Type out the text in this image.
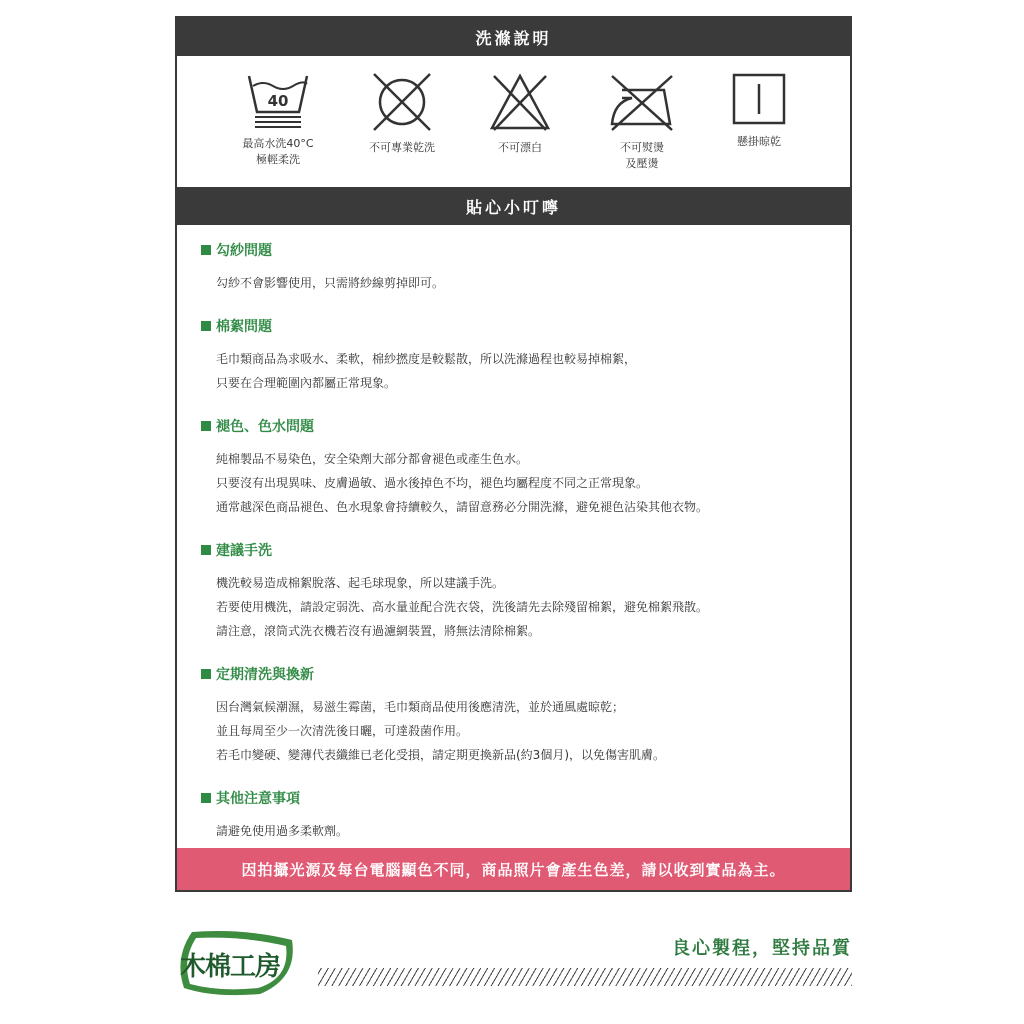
洗滌說明
40
最高水洗40°C
極輕柔洗
不可專業乾洗	不可漂白	不可熨燙
及壓燙
懸掛晾乾
貼心小叮嚀
勾紗問題
勾紗不會影響使用，只需將紗線剪掉即可。
棉絮問題
毛巾類商品為求吸水、柔軟，棉紗撚度是較鬆散，所以洗滌過程也較易掉棉絮，
只要在合理範圍內都屬正常現象。
褪色、色水問題
純棉製品不易染色，安全染劑大部分都會褪色或產生色水。
只要沒有出現異味、皮膚過敏、過水後掉色不均，褪色均屬程度不同之正常現象。
通常越深色商品褪色、色水現象會持續較久，請留意務必分開洗滌，避免褪色沾染其他衣物。
建議手洗
機洗較易造成棉絮脫落、起毛球現象，所以建議手洗。
若要使用機洗，請設定弱洗、高水量並配合洗衣袋，洗後請先去除殘留棉絮，避免棉絮飛散。
請注意，滾筒式洗衣機若沒有過濾網裝置，將無法清除棉絮。
定期清洗與換新
因台灣氣候潮濕，易滋生霉菌，毛巾類商品使用後應清洗，並於通風處晾乾；
並且每周至少一次清洗後日曬，可達殺菌作用。
若毛巾變硬、變薄代表纖維已老化受損，請定期更換新品(約3個月)，以免傷害肌膚。
其他注意事項
請避免使用過多柔軟劑。
因拍攝光源及每台電腦顯色不同，商品照片會產生色差，請以收到實品為主。
木棉工房
良心製程，堅持品質
